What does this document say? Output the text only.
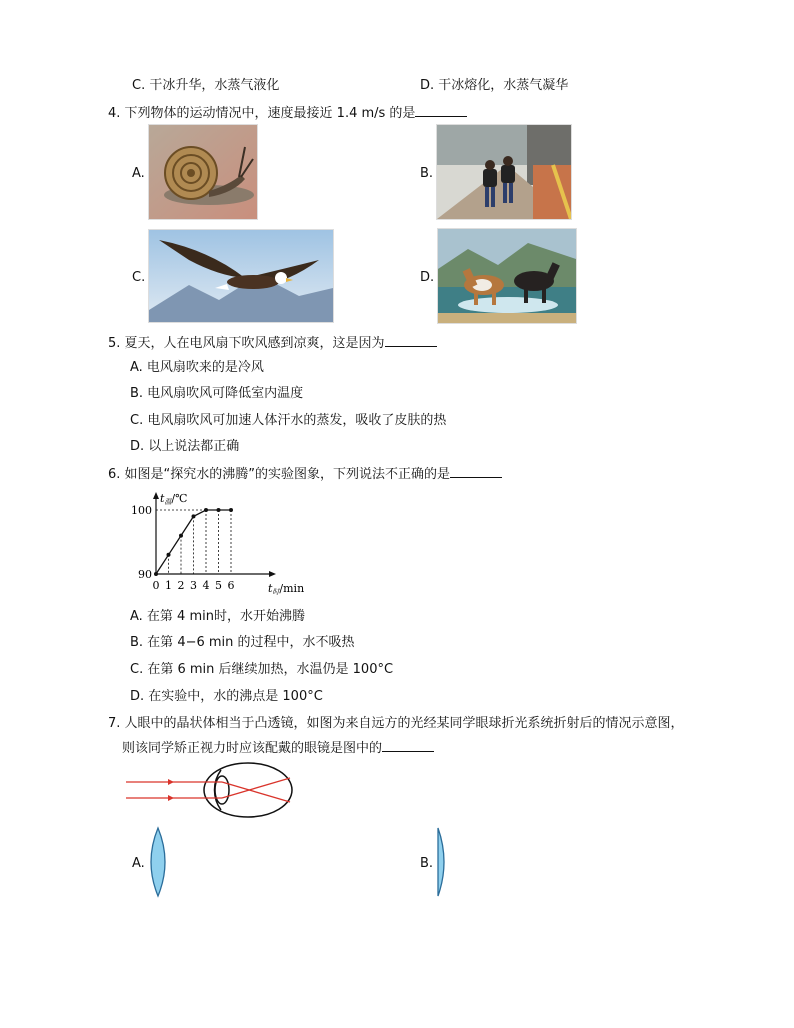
C. 干冰升华，水蒸气液化	D. 干冰熔化，水蒸气凝华
4. 下列物体的运动情况中，速度最接近 1.4 m/s 的是
A.	B.
C.	D.
5. 夏天，人在电风扇下吹风感到凉爽，这是因为
A. 电风扇吹来的是冷风
B. 电风扇吹风可降低室内温度
C. 电风扇吹风可加速人体汗水的蒸发，吸收了皮肤的热
D. 以上说法都正确
6. 如图是“探究水的沸腾”的实验图象，下列说法不正确的是
t温/℃
t时/min
0 1 2 3 4 5 6
90
100
A. 在第 4 min时，水开始沸腾
B. 在第 4−6 min 的过程中，水不吸热
C. 在第 6 min 后继续加热，水温仍是 100°C
D. 在实验中，水的沸点是 100°C
7. 人眼中的晶状体相当于凸透镜，如图为来自远方的光经某同学眼球折光系统折射后的情况示意图，
则该同学矫正视力时应该配戴的眼镜是图中的
A.	B.
